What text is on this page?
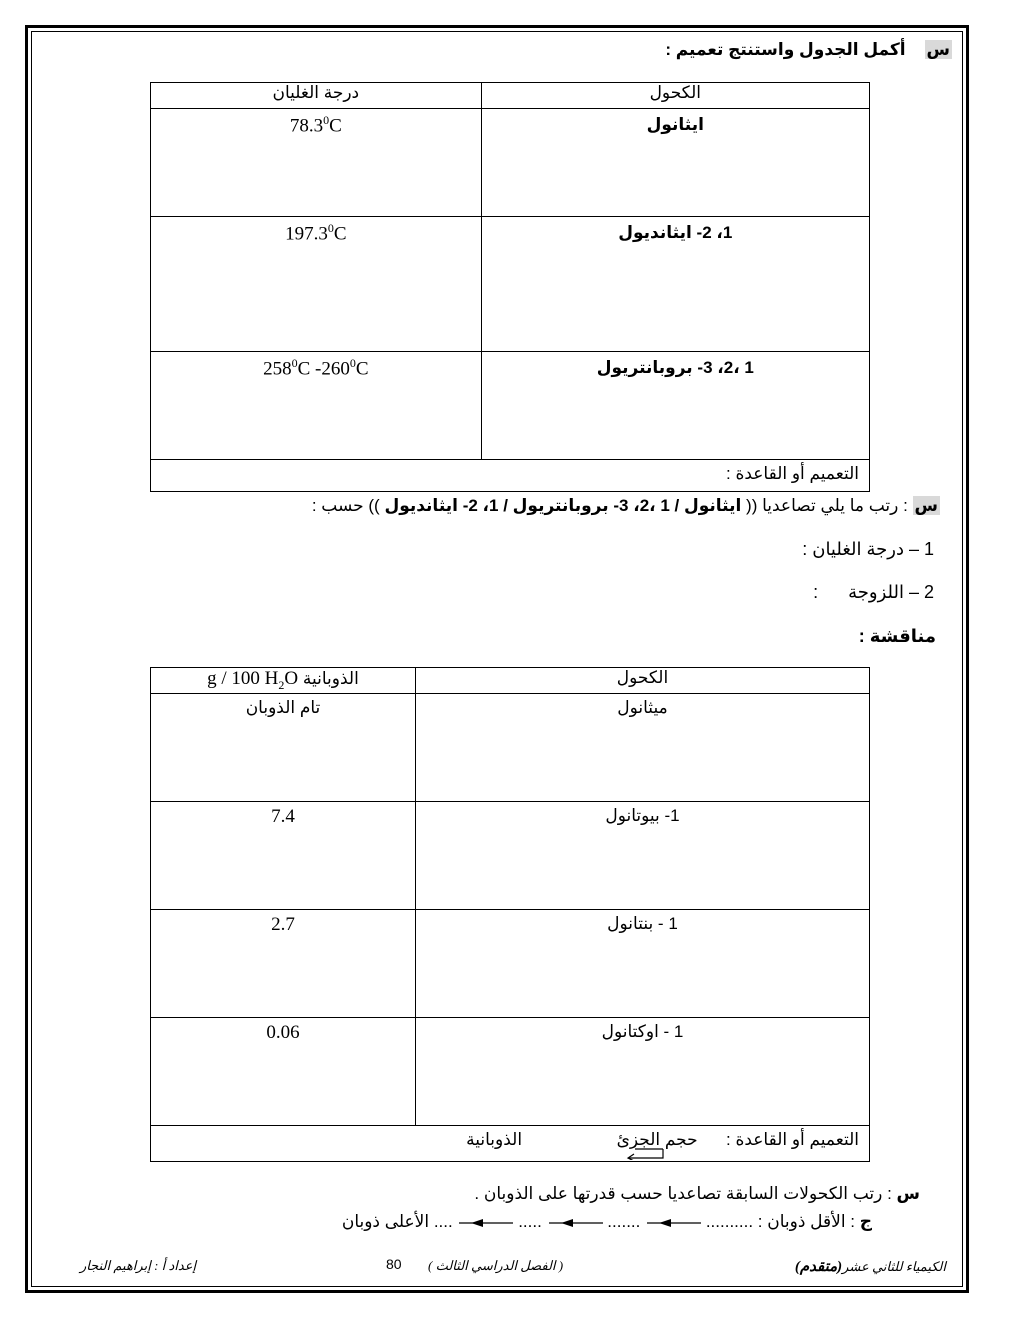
س    أكمل الجدول واستنتج تعميم :
الكحول	درجة الغليان
ايثانول	78.3$^0$C
1، 2- ايثانديول	197.3$^0$C
1 ،2، 3- بروبانتريول	$258^0C$ $-260^0C$
التعميم أو القاعدة :	
س : رتب ما يلي تصاعديا (( ايثانول / 1 ،2، 3- بروبانتريول / 1، 2- ايثانديول )) حسب :
1 – درجة الغليان :
2 – اللزوجة      :
مناقشة :
الكحول	الذوبانية g / 100 $H_2O$
ميثانول	تام الذوبان
1- بيوتانول	7.4
1 - بنتانول	2.7
1 - اوكتانول	0.06
التعميم أو القاعدة :      حجم الجزئ
الذوبانية	
س : رتب الكحولات السابقة تصاعديا حسب قدرتها على الذوبان .
ج : الأقل ذوبان : ..........  .......  .....  .... الأعلى ذوبان
إعداد أ : إبراهيم النجار	80 ( الفصل الدراسي الثالث )	الكيمياء للثاني عشر(متقدم)
